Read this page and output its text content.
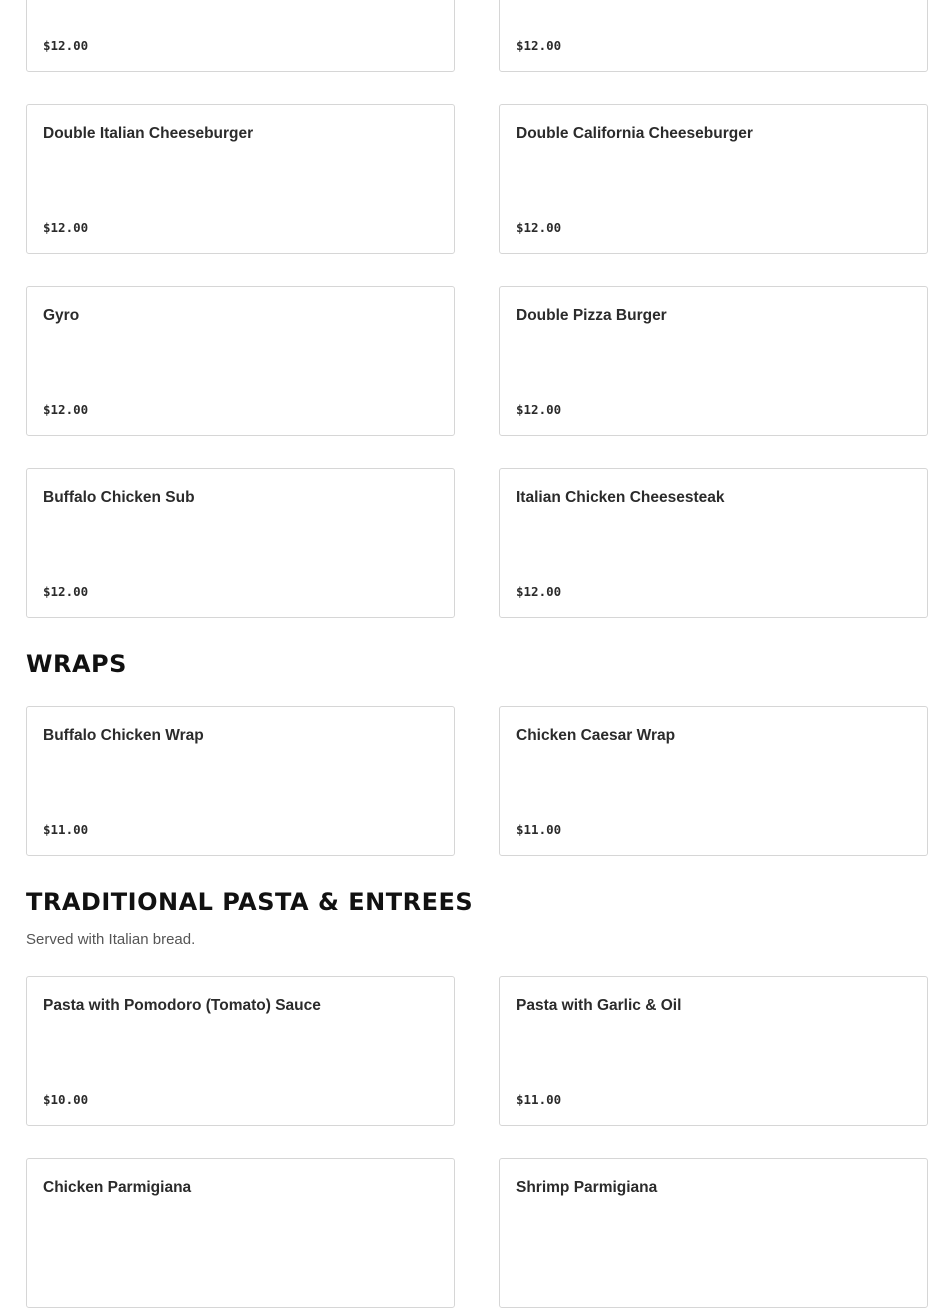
$12.00	$12.00
Double Italian Cheeseburger
$12.00
Double California Cheeseburger
$12.00
Gyro
$12.00
Double Pizza Burger
$12.00
Buffalo Chicken Sub
$12.00
Italian Chicken Cheesesteak
$12.00
WRAPS
Buffalo Chicken Wrap
$11.00
Chicken Caesar Wrap
$11.00
TRADITIONAL PASTA & ENTREES

Served with Italian bread.

Pasta with Pomodoro (Tomato) Sauce
$10.00
Pasta with Garlic & Oil
$11.00
Chicken Parmigiana	Shrimp Parmigiana
